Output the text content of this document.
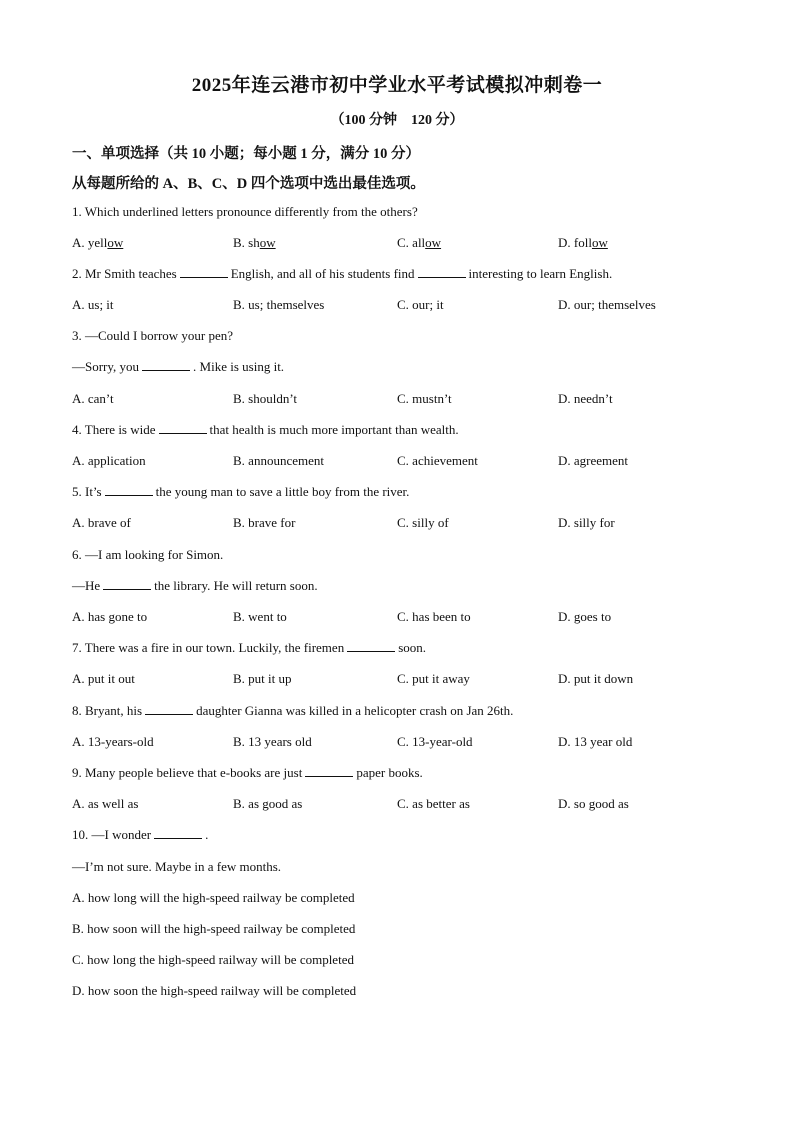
2025年连云港市初中学业水平考试模拟冲刺卷一
（100 分钟　120 分）
一、单项选择（共 10 小题；每小题 1 分，满分 10 分）
从每题所给的 A、B、C、D 四个选项中选出最佳选项。
1. Which underlined letters pronounce differently from the others?
A. yellow	B. show	C. allow	D. follow
2. Mr Smith teaches	English, and all of his students find	interesting to learn English.
A. us; it	B. us; themselves	C. our; it	D. our; themselves
3. —Could I borrow your pen?
—Sorry, you	. Mike is using it.
A. can’t	B. shouldn’t	C. mustn’t	D. needn’t
4. There is wide	that health is much more important than wealth.
A. application	B. announcement	C. achievement	D. agreement
5. It’s	the young man to save a little boy from the river.
A. brave of	B. brave for	C. silly of	D. silly for
6. —I am looking for Simon.
—He	the library. He will return soon.
A. has gone to	B. went to	C. has been to	D. goes to
7. There was a fire in our town. Luckily, the firemen	soon.
A. put it out	B. put it up	C. put it away	D. put it down
8. Bryant, his	daughter Gianna was killed in a helicopter crash on Jan 26th.
A. 13-years-old	B. 13 years old	C. 13-year-old	D. 13 year old
9. Many people believe that e-books are just	paper books.
A. as well as	B. as good as	C. as better as	D. so good as
10. —I wonder	.
—I’m not sure. Maybe in a few months.
A. how long will the high-speed railway be completed
B. how soon will the high-speed railway be completed
C. how long the high-speed railway will be completed
D. how soon the high-speed railway will be completed
